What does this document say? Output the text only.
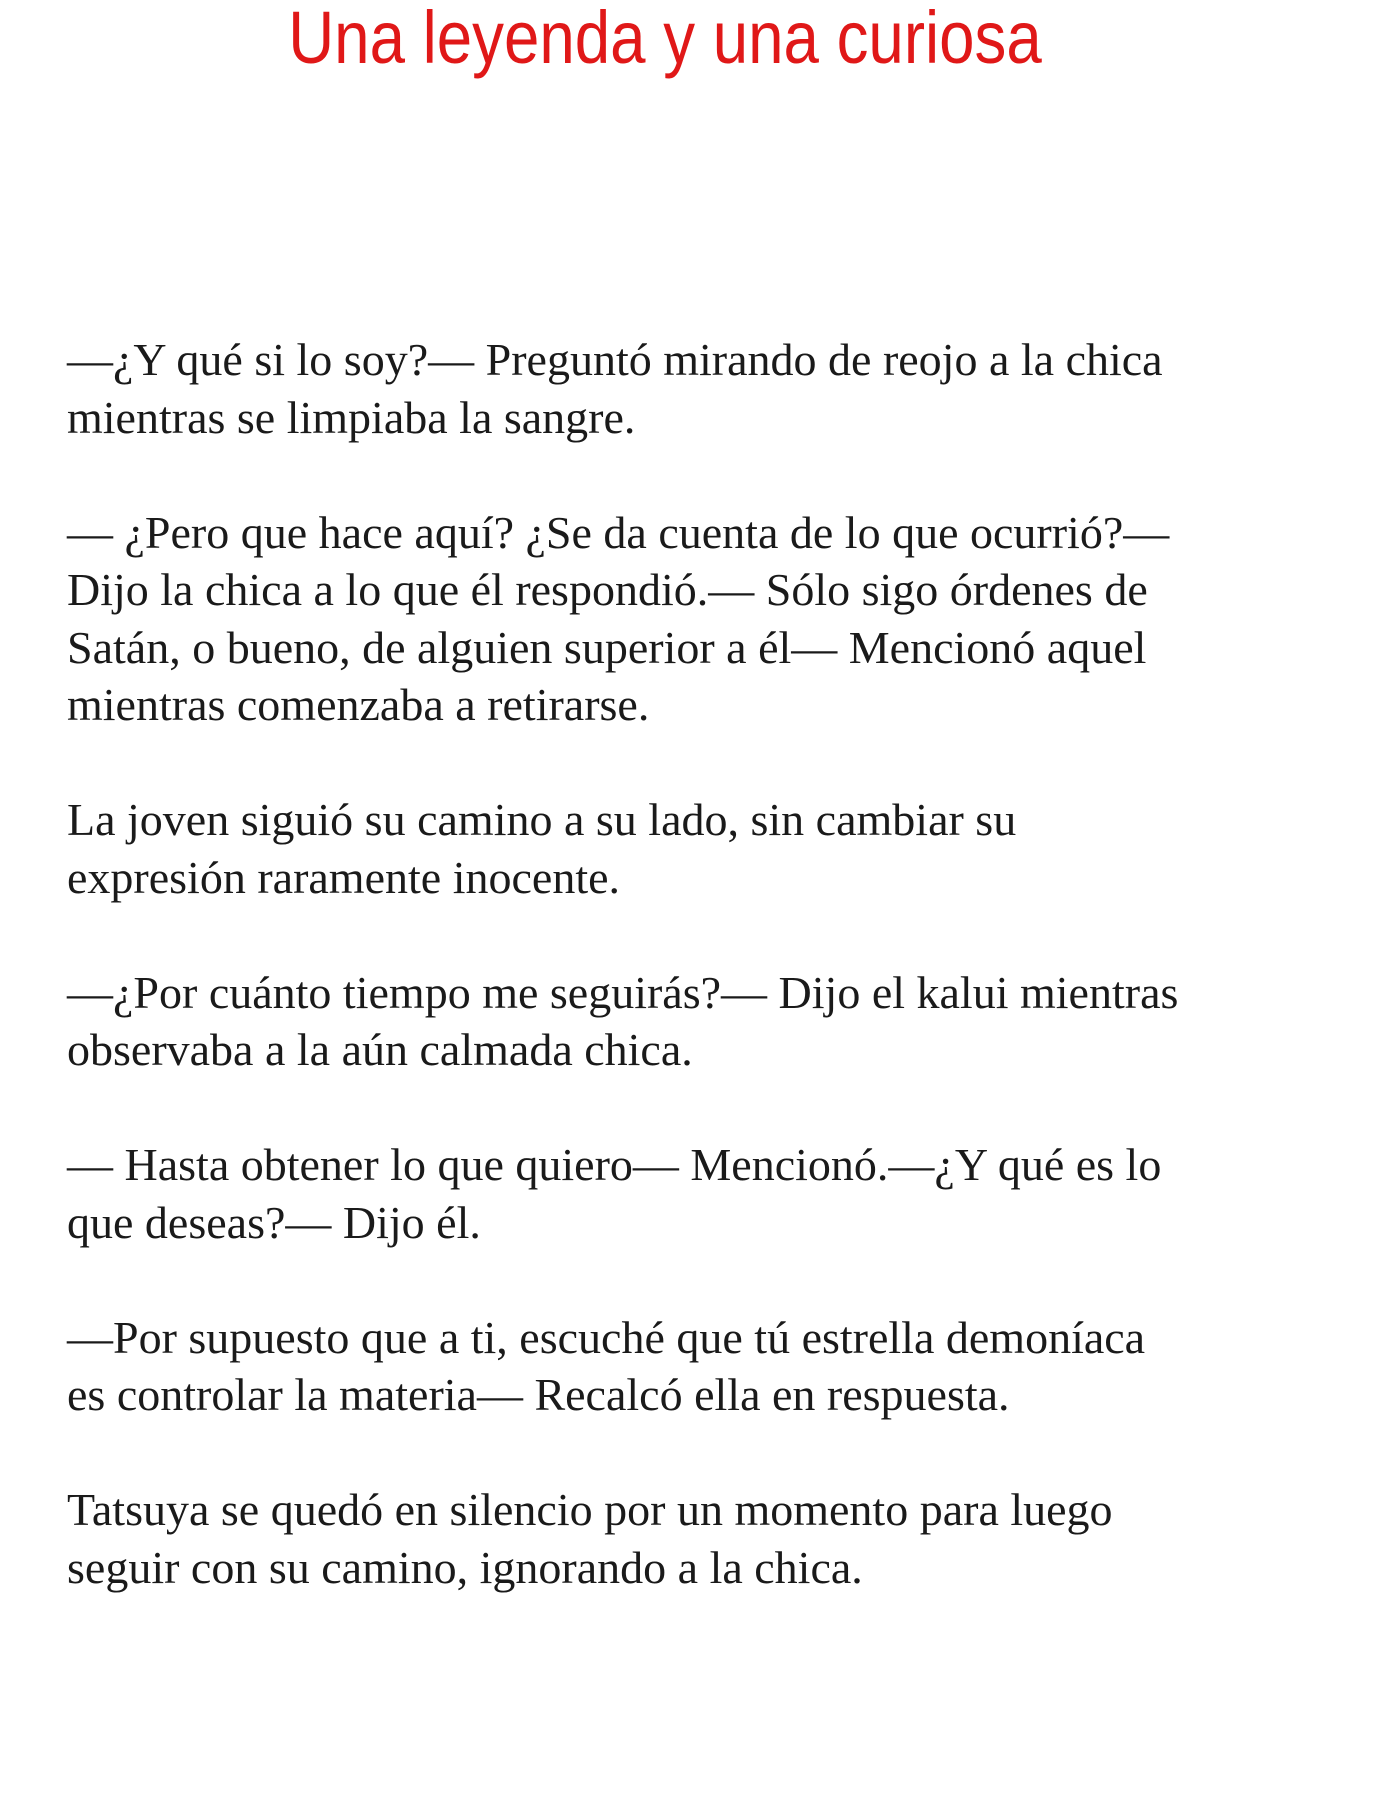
Una leyenda y una curiosa

—¿Y qué si lo soy?— Preguntó mirando de reojo a la chica
mientras se limpiaba la sangre.

— ¿Pero que hace aquí? ¿Se da cuenta de lo que ocurrió?—
Dijo la chica a lo que él respondió.— Sólo sigo órdenes de
Satán, o bueno, de alguien superior a él— Mencionó aquel
mientras comenzaba a retirarse.

La joven siguió su camino a su lado, sin cambiar su
expresión raramente inocente.

—¿Por cuánto tiempo me seguirás?— Dijo el kalui mientras
observaba a la aún calmada chica.

— Hasta obtener lo que quiero— Mencionó.—¿Y qué es lo
que deseas?— Dijo él.

—Por supuesto que a ti, escuché que tú estrella demoníaca
es controlar la materia— Recalcó ella en respuesta.

Tatsuya se quedó en silencio por un momento para luego
seguir con su camino, ignorando a la chica.
